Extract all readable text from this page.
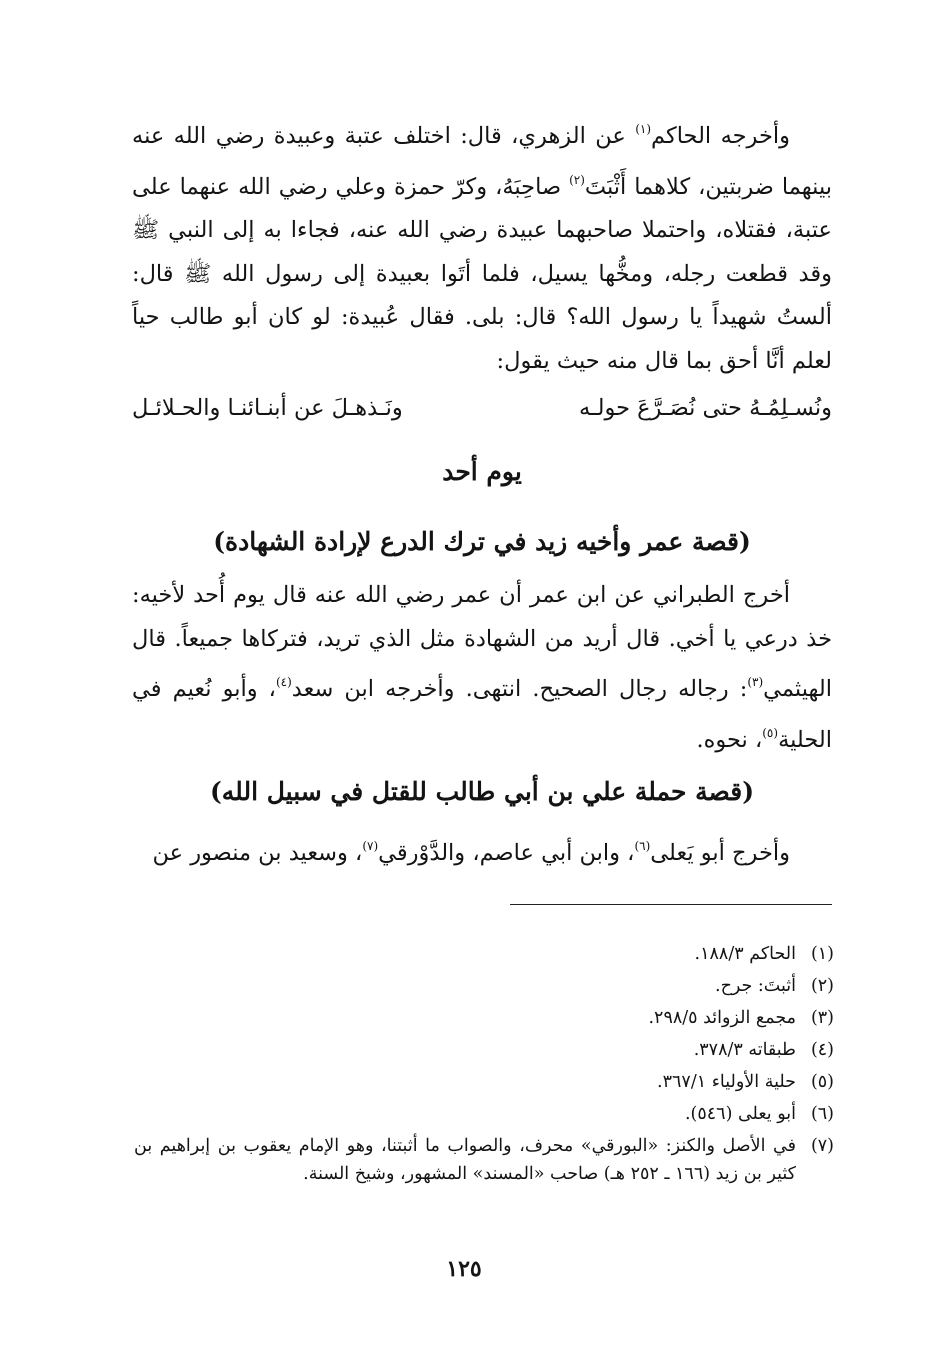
وأخرجه الحاكم$^{(١)}$ عن الزهري، قال: اختلف عتبة وعبيدة رضي الله عنه بينهما ضربتين، كلاهما أَثْبَتَ$^{(٢)}$ صاحِبَهُ، وكرّ حمزة وعلي رضي الله عنهما على عتبة، فقتلاه، واحتملا صاحبهما عبيدة رضي الله عنه، فجاءا به إلى النبي ﷺ وقد قطعت رجله، ومخُّها يسيل، فلما أتَوا بعبيدة إلى رسول الله ﷺ قال: ألستُ شهيداً يا رسول الله؟ قال: بلى. فقال عُبيدة: لو كان أبو طالب حياً لعلم أنَّا أحق بما قال منه حيث يقول:

ونُسـلِمُـهُ حتى نُصَـرَّعَ حولـه
ونَـذهـلَ عن أبنـائنـا والحـلائـل
يوم أحد
(قصة عمر وأخيه زيد في ترك الدرع لإرادة الشهادة)

أخرج الطبراني عن ابن عمر أن عمر رضي الله عنه قال يوم أُحد لأخيه: خذ درعي يا أخي. قال أريد من الشهادة مثل الذي تريد، فتركاها جميعاً. قال الهيثمي$^{(٣)}$: رجاله رجال الصحيح. انتهى. وأخرجه ابن سعد$^{(٤)}$، وأبو نُعيم في الحلية$^{(٥)}$، نحوه.

(قصة حملة علي بن أبي طالب للقتل في سبيل الله)

وأخرج أبو يَعلى$^{(٦)}$، وابن أبي عاصم، والدَّوْرقي$^{(٧)}$، وسعيد بن منصور عن

(١)
الحاكم ١٨٨/٣.
(٢)
أثبتَ: جرح.
(٣)
مجمع الزوائد ٢٩٨/٥.
(٤)
طبقاته ٣٧٨/٣.
(٥)
حلية الأولياء ٣٦٧/١.
(٦)
أبو يعلى (٥٤٦).
(٧)
في الأصل والكنز: «البورقي» محرف، والصواب ما أثبتنا، وهو الإمام يعقوب بن إبراهيم بن كثير بن زيد (١٦٦ ـ ٢٥٢ هـ) صاحب «المسند» المشهور، وشيخ السنة.
١٢٥
